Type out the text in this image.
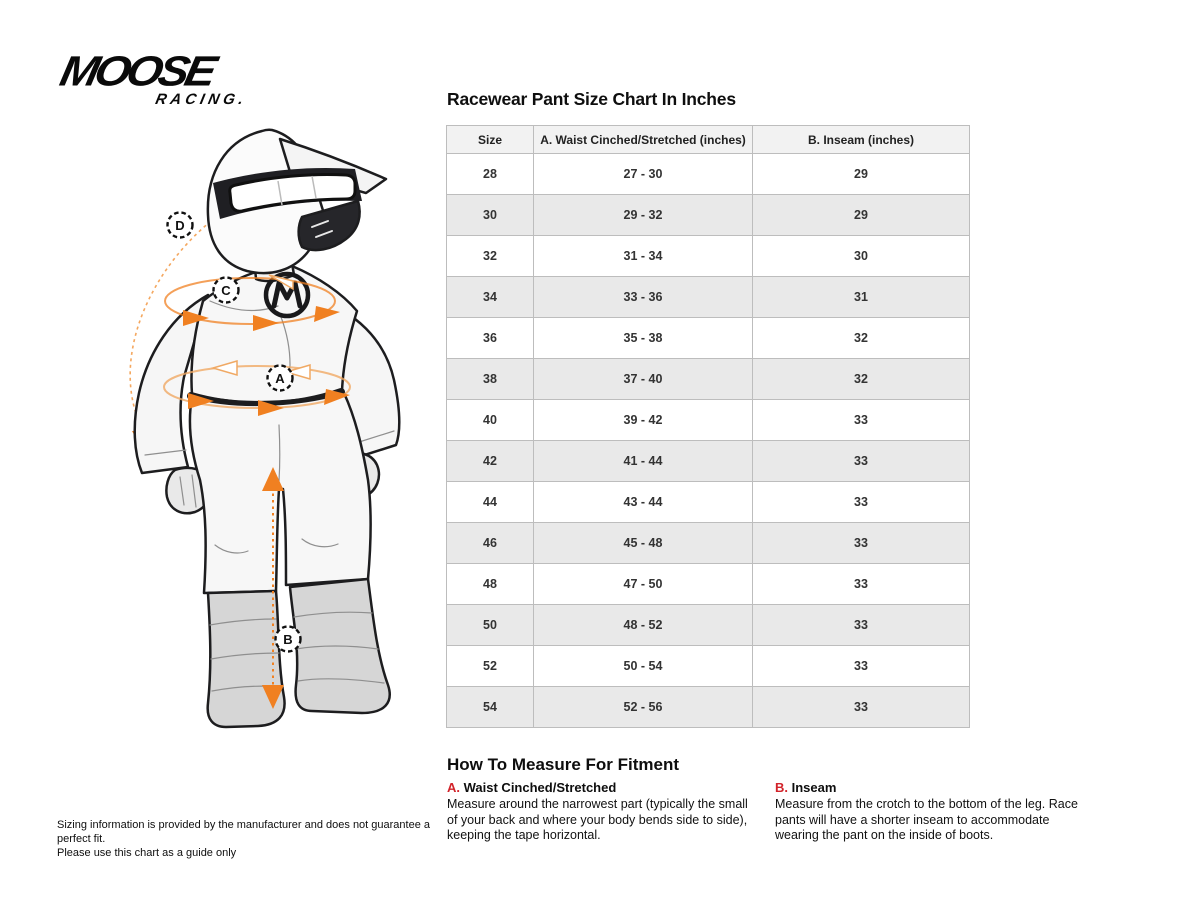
MOOSE
RACING.
C
A
B
D
Racewear Pant Size Chart In Inches
Size	A. Waist Cinched/Stretched (inches)	B. Inseam (inches)
28	27 - 30	29
30	29 - 32	29
32	31 - 34	30
34	33 - 36	31
36	35 - 38	32
38	37 - 40	32
40	39 - 42	33
42	41 - 44	33
44	43 - 44	33
46	45 - 48	33
48	47 - 50	33
50	48 - 52	33
52	50 - 54	33
54	52 - 56	33
How To Measure For Fitment
A. Waist Cinched/Stretched
Measure around the narrowest part (typically the small of your back and where your body bends side to side), keeping the tape horizontal.
B. Inseam
Measure from the crotch to the bottom of the leg. Race pants will have a shorter inseam to accommodate wearing the pant on the inside of boots.
Sizing information is provided by the manufacturer and does not guarantee a perfect fit.
Please use this chart as a guide only
